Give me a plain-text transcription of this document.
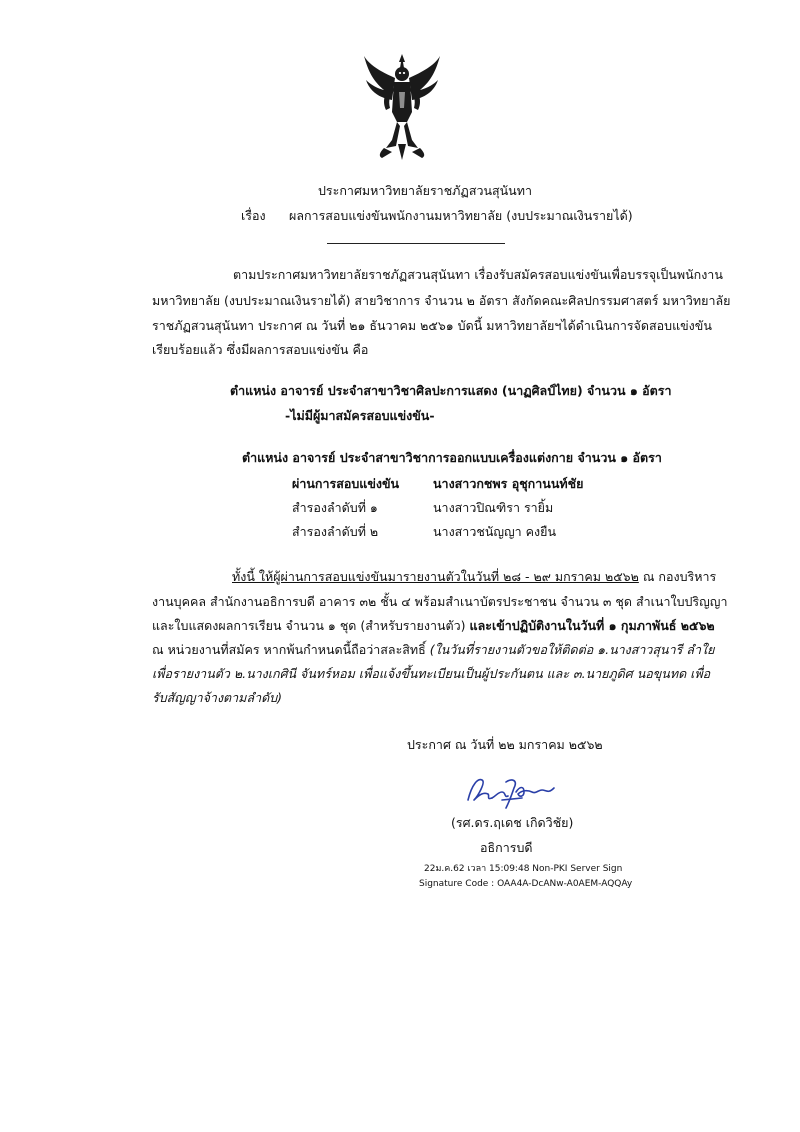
ประกาศมหาวิทยาลัยราชภัฏสวนสุนันทา
เรื่อง ผลการสอบแข่งขันพนักงานมหาวิทยาลัย (งบประมาณเงินรายได้)
ตามประกาศมหาวิทยาลัยราชภัฏสวนสุนันทา เรื่องรับสมัครสอบแข่งขันเพื่อบรรจุเป็นพนักงาน
มหาวิทยาลัย (งบประมาณเงินรายได้) สายวิชาการ จำนวน ๒ อัตรา สังกัดคณะศิลปกรรมศาสตร์ มหาวิทยาลัย
ราชภัฏสวนสุนันทา ประกาศ ณ วันที่ ๒๑ ธันวาคม ๒๕๖๑ บัดนี้ มหาวิทยาลัยฯได้ดำเนินการจัดสอบแข่งขัน
เรียบร้อยแล้ว ซึ่งมีผลการสอบแข่งขัน คือ
ตำแหน่ง อาจารย์ ประจำสาขาวิชาศิลปะการแสดง (นาฏศิลป์ไทย) จำนวน ๑ อัตรา
-ไม่มีผู้มาสมัครสอบแข่งขัน-
ตำแหน่ง อาจารย์ ประจำสาขาวิชาการออกแบบเครื่องแต่งกาย จำนวน ๑ อัตรา
ผ่านการสอบแข่งขัน	นางสาวกชพร อุชุกานนท์ชัย
สำรองลำดับที่ ๑	นางสาวปิณฑิรา รายิ้ม
สำรองลำดับที่ ๒	นางสาวชนัญญา คงยืน
ทั้งนี้ ให้ผู้ผ่านการสอบแข่งขันมารายงานตัวในวันที่ ๒๘ - ๒๙ มกราคม ๒๕๖๒ ณ กองบริหาร
งานบุคคล สำนักงานอธิการบดี อาคาร ๓๒ ชั้น ๔ พร้อมสำเนาบัตรประชาชน จำนวน ๓ ชุด สำเนาใบปริญญา
และใบแสดงผลการเรียน จำนวน ๑ ชุด (สำหรับรายงานตัว) และเข้าปฏิบัติงานในวันที่ ๑ กุมภาพันธ์ ๒๕๖๒
ณ หน่วยงานที่สมัคร หากพ้นกำหนดนี้ถือว่าสละสิทธิ์ (ในวันที่รายงานตัวขอให้ติดต่อ ๑.นางสาวสุนารี ลำใย
เพื่อรายงานตัว ๒.นางเกศินี จันทร์หอม เพื่อแจ้งขึ้นทะเบียนเป็นผู้ประกันตน และ ๓.นายภูดิศ นอขุนทด เพื่อ
รับสัญญาจ้างตามลำดับ)
ประกาศ ณ วันที่ ๒๒ มกราคม ๒๕๖๒
(รศ.ดร.ฤเดช เกิดวิชัย)
อธิการบดี
22ม.ค.62 เวลา 15:09:48 Non-PKI Server Sign
Signature Code : OAA4A-DcANw-A0AEM-AQQAy
